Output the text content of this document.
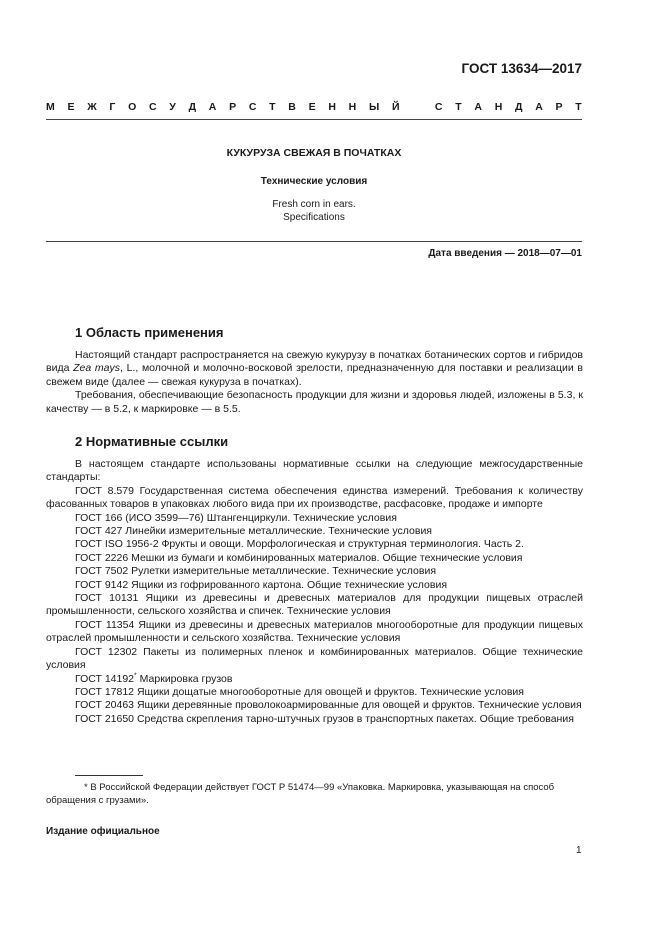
ГОСТ 13634—2017
М Е Ж Г О С У Д А Р С Т В Е Н Н Ы Й	С Т А Н Д А Р Т
КУКУРУЗА СВЕЖАЯ В ПОЧАТКАХ
Технические условия
Fresh corn in ears.
Specifications
Дата введения — 2018—07—01
1 Область применения

Настоящий стандарт распространяется на свежую кукурузу в початках ботанических сортов и гибридов вида Zea mays, L., молочной и молочно-восковой зрелости, предназначенную для поставки и реализации в свежем виде (далее — свежая кукуруза в початках).

Требования, обеспечивающие безопасность продукции для жизни и здоровья людей, изложены в 5.3, к качеству — в 5.2, к маркировке — в 5.5.

2 Нормативные ссылки

В настоящем стандарте использованы нормативные ссылки на следующие межгосударственные стандарты:

ГОСТ 8.579 Государственная система обеспечения единства измерений. Требования к количеству фасованных товаров в упаковках любого вида при их производстве, расфасовке, продаже и импорте

ГОСТ 166 (ИСО 3599—76) Штангенциркули. Технические условия

ГОСТ 427 Линейки измерительные металлические. Технические условия

ГОСТ ISO 1956-2 Фрукты и овощи. Морфологическая и структурная терминология. Часть 2.

ГОСТ 2226 Мешки из бумаги и комбинированных материалов. Общие технические условия

ГОСТ 7502 Рулетки измерительные металлические. Технические условия

ГОСТ 9142 Ящики из гофрированного картона. Общие технические условия

ГОСТ 10131 Ящики из древесины и древесных материалов для продукции пищевых отраслей промышленности, сельского хозяйства и спичек. Технические условия

ГОСТ 11354 Ящики из древесины и древесных материалов многооборотные для продукции пищевых отраслей промышленности и сельского хозяйства. Технические условия

ГОСТ 12302 Пакеты из полимерных пленок и комбинированных материалов. Общие технические условия

ГОСТ 14192* Маркировка грузов

ГОСТ 17812 Ящики дощатые многооборотные для овощей и фруктов. Технические условия

ГОСТ 20463 Ящики деревянные проволокоармированные для овощей и фруктов. Технические условия

ГОСТ 21650 Средства скрепления тарно-штучных грузов в транспортных пакетах. Общие требования

* В Российской Федерации действует ГОСТ Р 51474—99 «Упаковка. Маркировка, указывающая на способ обращения с грузами».

Издание официальное
1
